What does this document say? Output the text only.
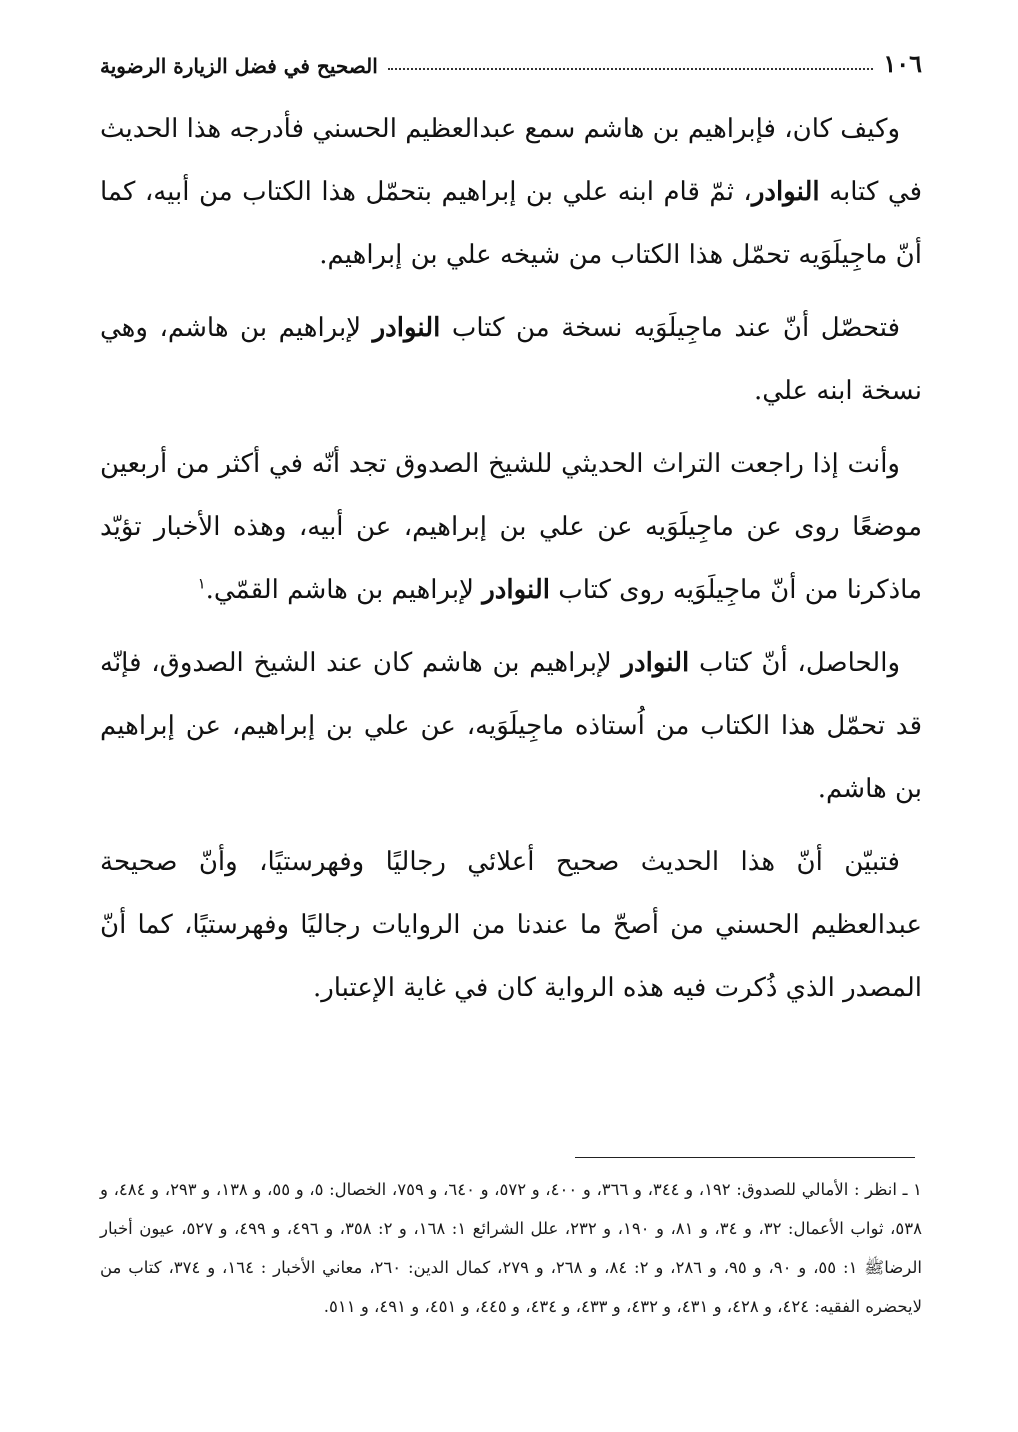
١٠٦
الصحيح في فضل الزيارة الرضوية

وكيف كان، فإبراهيم بن هاشم سمع عبدالعظيم الحسني فأدرجه هذا الحديث في كتابه النوادر، ثمّ قام ابنه علي بن إبراهيم بتحمّل هذا الكتاب من أبيه، كما أنّ ماجِيلَوَيه تحمّل هذا الكتاب من شيخه علي بن إبراهيم.

فتحصّل أنّ عند ماجِيلَوَيه نسخة من كتاب النوادر لإبراهيم بن هاشم، وهي نسخة ابنه علي.

وأنت إذا راجعت التراث الحديثي للشيخ الصدوق تجد أنّه في أكثر من أربعين موضعًا روى عن ماجِيلَوَيه عن علي بن إبراهيم، عن أبيه، وهذه الأخبار تؤيّد ماذكرنا من أنّ ماجِيلَوَيه روى كتاب النوادر لإبراهيم بن هاشم القمّي.$^١$

والحاصل، أنّ كتاب النوادر لإبراهيم بن هاشم كان عند الشيخ الصدوق، فإنّه قد تحمّل هذا الكتاب من اُستاذه ماجِيلَوَيه، عن علي بن إبراهيم، عن إبراهيم بن هاشم.

فتبيّن أنّ هذا الحديث صحيح أعلائي رجاليًا وفهرستيًا، وأنّ صحيحة عبدالعظيم الحسني من أصحّ ما عندنا من الروايات رجاليًا وفهرستيًا، كما أنّ المصدر الذي ذُكرت فيه هذه الرواية كان في غاية الإعتبار.

١ ـ انظر : الأمالي للصدوق: ١٩٢، و ٣٤٤، و ٣٦٦، و ٤٠٠، و ٥٧٢، و ٦٤٠، و ٧٥٩، الخصال: ٥، و ٥٥، و ١٣٨، و ٢٩٣، و ٤٨٤، و ٥٣٨، ثواب الأعمال: ٣٢، و ٣٤، و ٨١، و ١٩٠، و ٢٣٢، علل الشرائع ١: ١٦٨، و ٢: ٣٥٨، و ٤٩٦، و ٤٩٩، و ٥٢٧، عيون أخبار الرضاﷺ ١: ٥٥، و ٩٠، و ٩٥، و ٢٨٦، و ٢: ٨٤، و ٢٦٨، و ٢٧٩، كمال الدين: ٢٦٠، معاني الأخبار : ١٦٤، و ٣٧٤، كتاب من لايحضره الفقيه: ٤٢٤، و ٤٢٨، و ٤٣١، و ٤٣٢، و ٤٣٣، و ٤٣٤، و ٤٤٥، و ٤٥١، و ٤٩١، و ٥١١.
